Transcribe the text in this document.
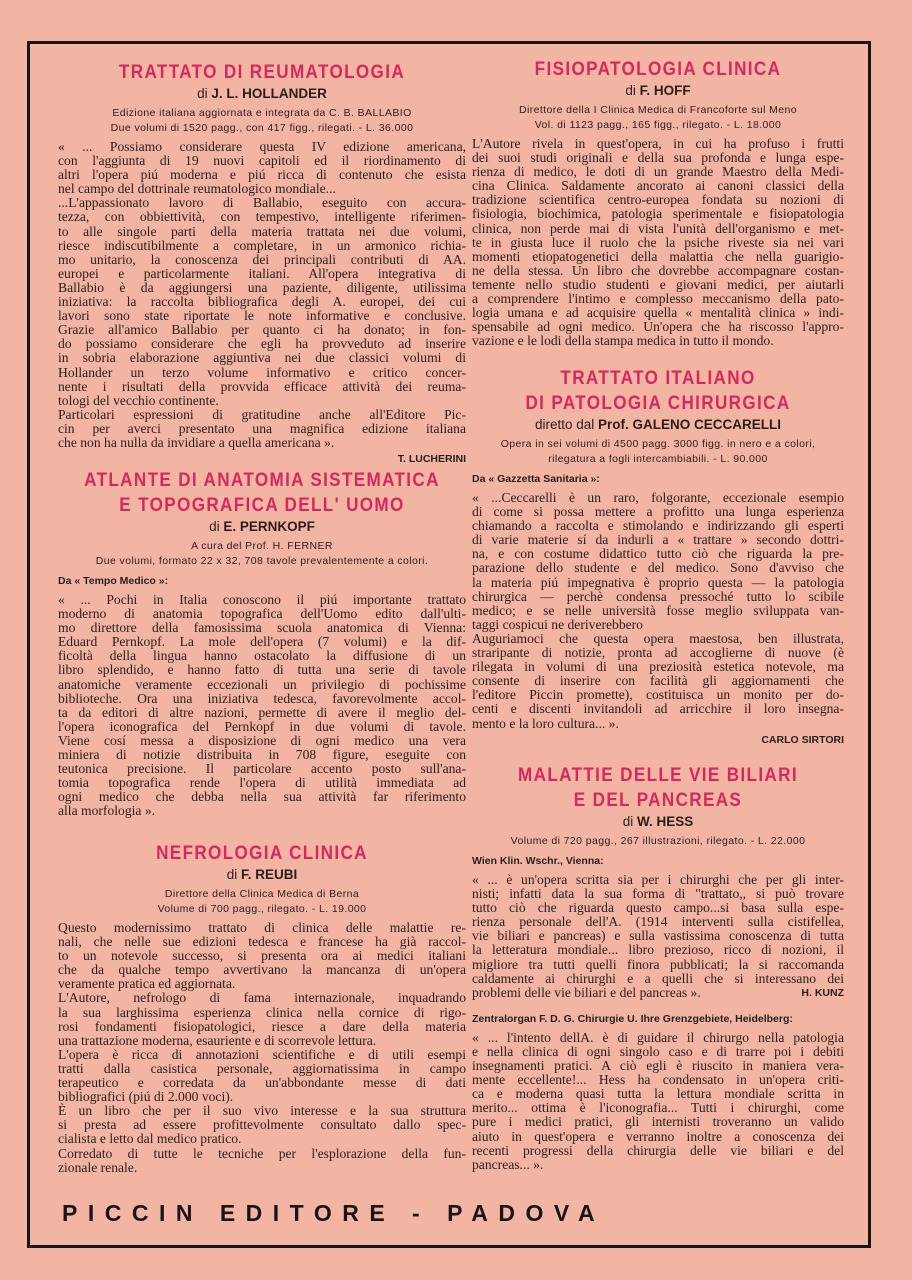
TRATTATO DI REUMATOLOGIA
di J. L. HOLLANDER
Edizione italiana aggiornata e integrata da C. B. BALLABIO
Due volumi di 1520 pagg., con 417 figg., rilegati. - L. 36.000
« ... Possiamo considerare questa IV edizione americana,
con l'aggiunta di 19 nuovi capitoli ed il riordinamento di
altri l'opera piú moderna e piú ricca di contenuto che esista
nel campo del dottrinale reumatologico mondiale...
...L'appassionato lavoro di Ballabio, eseguito con accura-
tezza, con obbiettività, con tempestivo, intelligente riferimen-
to alle singole parti della materia trattata nei due volumi,
riesce indiscutibilmente a completare, in un armonico richia-
mo unitario, la conoscenza dei principali contributi di AA.
europei e particolarmente italiani. All'opera integrativa di
Ballabio è da aggiungersi una paziente, diligente, utilissima
iniziativa: la raccolta bibliografica degli A. europei, dei cui
lavori sono state riportate le note informative e conclusive.
Grazie all'amico Ballabio per quanto ci ha donato; in fon-
do possiamo considerare che egli ha provveduto ad inserire
in sobria elaborazione aggiuntiva nei due classici volumi di
Hollander un terzo volume informativo e critico concer-
nente i risultati della provvida efficace attività dei reuma-
tologi del vecchio continente.
Particolari espressioni di gratitudine anche all'Editore Pic-
cin per averci presentato una magnifica edizione italiana
che non ha nulla da invidiare a quella americana ».
T. LUCHERINI
ATLANTE DI ANATOMIA SISTEMATICA
E TOPOGRAFICA DELL' UOMO
di E. PERNKOPF
A cura del Prof. H. FERNER
Due volumi, formato 22 x 32, 708 tavole prevalentemente a colori.
Da « Tempo Medico »:
« ... Pochi in Italia conoscono il piú importante trattato
moderno di anatomia topografica dell'Uomo edito dall'ulti-
mo direttore della famosissima scuola anatomica di Vienna:
Eduard Pernkopf. La mole dell'opera (7 volumi) e la dif-
ficoltà della lingua hanno ostacolato la diffusione di un
libro splendido, e hanno fatto di tutta una serie di tavole
anatomiche veramente eccezionali un privilegio di pochissime
biblioteche. Ora una iniziativa tedesca, favorevolmente accol-
ta da editori di altre nazioni, permette di avere il meglio del-
l'opera iconografica del Pernkopf in due volumi di tavole.
Viene cosí messa a disposizione di ogni medico una vera
miniera di notizie distribuita in 708 figure, eseguite con
teutonica precisione. Il particolare accento posto sull'ana-
tomia topografica rende l'opera di utilità immediata ad
ogni medico che debba nella sua attività far riferimento
alla morfologia ».
NEFROLOGIA CLINICA
di F. REUBI
Direttore della Clinica Medica di Berna
Volume di 700 pagg., rilegato. - L. 19.000
Questo modernissimo trattato di clinica delle malattie re-
nali, che nelle sue edizioni tedesca e francese ha già raccol-
to un notevole successo, si presenta ora ai medici italiani
che da qualche tempo avvertivano la mancanza di un'opera
veramente pratica ed aggiornata.
L'Autore, nefrologo di fama internazionale, inquadrando
la sua larghissima esperienza clinica nella cornice di rigo-
rosi fondamenti fisiopatologici, riesce a dare della materia
una trattazione moderna, esauriente e di scorrevole lettura.
L'opera è ricca di annotazioni scientifiche e di utili esempi
tratti dalla casistica personale, aggiornatissima in campo
terapeutico e corredata da un'abbondante messe di dati
bibliografici (piú di 2.000 voci).
È un libro che per il suo vivo interesse e la sua struttura
si presta ad essere profittevolmente consultato dallo spec-
cialista e letto dal medico pratico.
Corredato di tutte le tecniche per l'esplorazione della fun-
zionale renale.
FISIOPATOLOGIA CLINICA
di F. HOFF
Direttore della I Clinica Medica di Francoforte sul Meno
Vol. di 1123 pagg., 165 figg., rilegato. - L. 18.000
L'Autore rivela in quest'opera, in cui ha profuso i frutti
dei suoi studi originali e della sua profonda e lunga espe-
rienza di medico, le doti di un grande Maestro della Medi-
cina Clinica. Saldamente ancorato ai canoni classici della
tradizione scientifica centro-europea fondata su nozioni di
fisiologia, biochimica, patologia sperimentale e fisiopatologia
clinica, non perde mai di vista l'unità dell'organismo e met-
te in giusta luce il ruolo che la psiche riveste sia nei vari
momenti etiopatogenetici della malattia che nella guarigio-
ne della stessa. Un libro che dovrebbe accompagnare costan-
temente nello studio studenti e giovani medici, per aiutarli
a comprendere l'intimo e complesso meccanismo della pato-
logia umana e ad acquisire quella « mentalità clinica » indi-
spensabile ad ogni medico. Un'opera che ha riscosso l'appro-
vazione e le lodi della stampa medica in tutto il mondo.
TRATTATO ITALIANO
DI PATOLOGIA CHIRURGICA
diretto dal Prof. GALENO CECCARELLI
Opera in sei volumi di 4500 pagg. 3000 figg. in nero e a colori,
rilegatura a fogli intercambiabili. - L. 90.000
Da « Gazzetta Sanitaria »:
« ...Ceccarelli è un raro, folgorante, eccezionale esempio
di come si possa mettere a profitto una lunga esperienza
chiamando a raccolta e stimolando e indirizzando gli esperti
di varie materie sí da indurli a « trattare » secondo dottri-
na, e con costume didattico tutto ciò che riguarda la pre-
parazione dello studente e del medico. Sono d'avviso che
la materia piú impegnativa è proprio questa — la patologia
chirurgica — perchè condensa pressoché tutto lo scibile
medico; e se nelle università fosse meglio sviluppata van-
taggi cospicui ne deriverebbero
Auguriamoci che questa opera maestosa, ben illustrata,
straripante di notizie, pronta ad accoglierne di nuove (è
rilegata in volumi di una preziosità estetica notevole, ma
consente di inserire con facilità gli aggiornamenti che
l'editore Piccin promette), costituisca un monito per do-
centi e discenti invitandoli ad arricchire il loro insegna-
mento e la loro cultura... ».
CARLO SIRTORI
MALATTIE DELLE VIE BILIARI
E DEL PANCREAS
di W. HESS
Volume di 720 pagg., 267 illustrazioni, rilegato. - L. 22.000
Wien Klin. Wschr., Vienna:
« ... è un'opera scritta sia per i chirurghi che per gli inter-
nisti; infatti data la sua forma di "trattato,, si può trovare
tutto ciò che riguarda questo campo...si basa sulla espe-
rienza personale dell'A. (1914 interventi sulla cistifellea,
vie biliari e pancreas) e sulla vastissima conoscenza di tutta
la letteratura mondiale... libro prezioso, ricco di nozioni, il
migliore tra tutti quelli finora pubblicati; la si raccomanda
caldamente ai chirurghi e a quelli che si interessano dei
H. KUNZ
problemi delle vie biliari e del pancreas ».
Zentralorgan F. D. G. Chirurgie U. Ihre Grenzgebiete, Heidelberg:
« ... l'intento dellA. è di guidare il chirurgo nella patologia
e nella clinica di ogni singolo caso e di trarre poi i debiti
insegnamenti pratici. A ciò egli è riuscito in maniera vera-
mente eccellente!... Hess ha condensato in un'opera criti-
ca e moderna quasi tutta la lettura mondiale scritta in
merito... ottima è l'iconografia... Tutti i chirurghi, come
pure i medici pratici, gli internisti troveranno un valido
aiuto in quest'opera e verranno inoltre a conoscenza dei
recenti progressi della chirurgia delle vie biliari e del
pancreas... ».
PICCIN EDITORE - PADOVA
